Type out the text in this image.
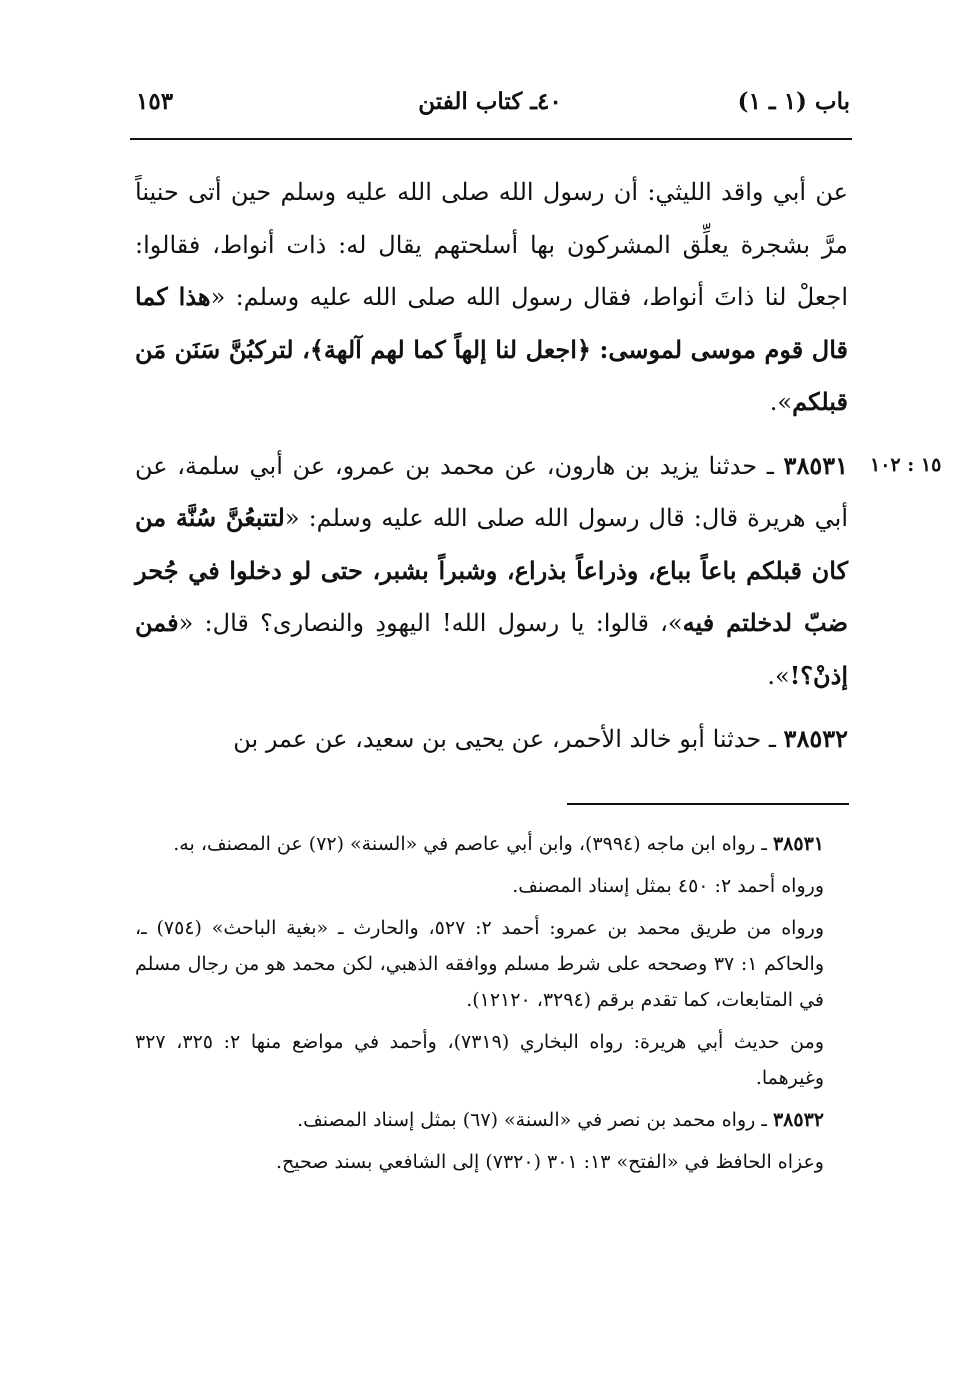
باب (١ ـ ١)
٤٠ـ كتاب الفتن
١٥٣
١٥ : ١٠٢

عن أبي واقد الليثي: أن رسول الله صلى الله عليه وسلم حين أتى حنيناً مرَّ بشجرة يعلِّق المشركون بها أسلحتهم يقال له: ذات أنواط، فقالوا: اجعلْ لنا ذاتَ أنواط، فقال رسول الله صلى الله عليه وسلم: «هذا كما قال قوم موسى لموسى: ﴿اجعل لنا إلهاً كما لهم آلهة﴾، لتركبُنَّ سَنَن مَن قبلكم».

٣٨٥٣١ ـ حدثنا يزيد بن هارون، عن محمد بن عمرو، عن أبي سلمة، عن أبي هريرة قال: قال رسول الله صلى الله عليه وسلم: «لتتبعُنَّ سُنَّة من كان قبلكم باعاً بباع، وذراعاً بذراع، وشبراً بشبر، حتى لو دخلوا في جُحر ضبّ لدخلتم فيه»، قالوا: يا رسول الله! اليهودِ والنصارى؟ قال: «فمن إذنْ؟!».

٣٨٥٣٢ ـ حدثنا أبو خالد الأحمر، عن يحيى بن سعيد، عن عمر بن

٣٨٥٣١ ـ رواه ابن ماجه (٣٩٩٤)، وابن أبي عاصم في «السنة» (٧٢) عن المصنف، به.

ورواه أحمد ٢: ٤٥٠ بمثل إسناد المصنف.

ورواه من طريق محمد بن عمرو: أحمد ٢: ٥٢٧، والحارث ـ «بغية الباحث» (٧٥٤) ـ، والحاكم ١: ٣٧ وصححه على شرط مسلم ووافقه الذهبي، لكن محمد هو من رجال مسلم في المتابعات، كما تقدم برقم (٣٢٩٤، ١٢١٢٠).

ومن حديث أبي هريرة: رواه البخاري (٧٣١٩)، وأحمد في مواضع منها ٢: ٣٢٥، ٣٢٧ وغيرهما.

٣٨٥٣٢ ـ رواه محمد بن نصر في «السنة» (٦٧) بمثل إسناد المصنف.

وعزاه الحافظ في «الفتح» ١٣: ٣٠١ (٧٣٢٠) إلى الشافعي بسند صحيح.
